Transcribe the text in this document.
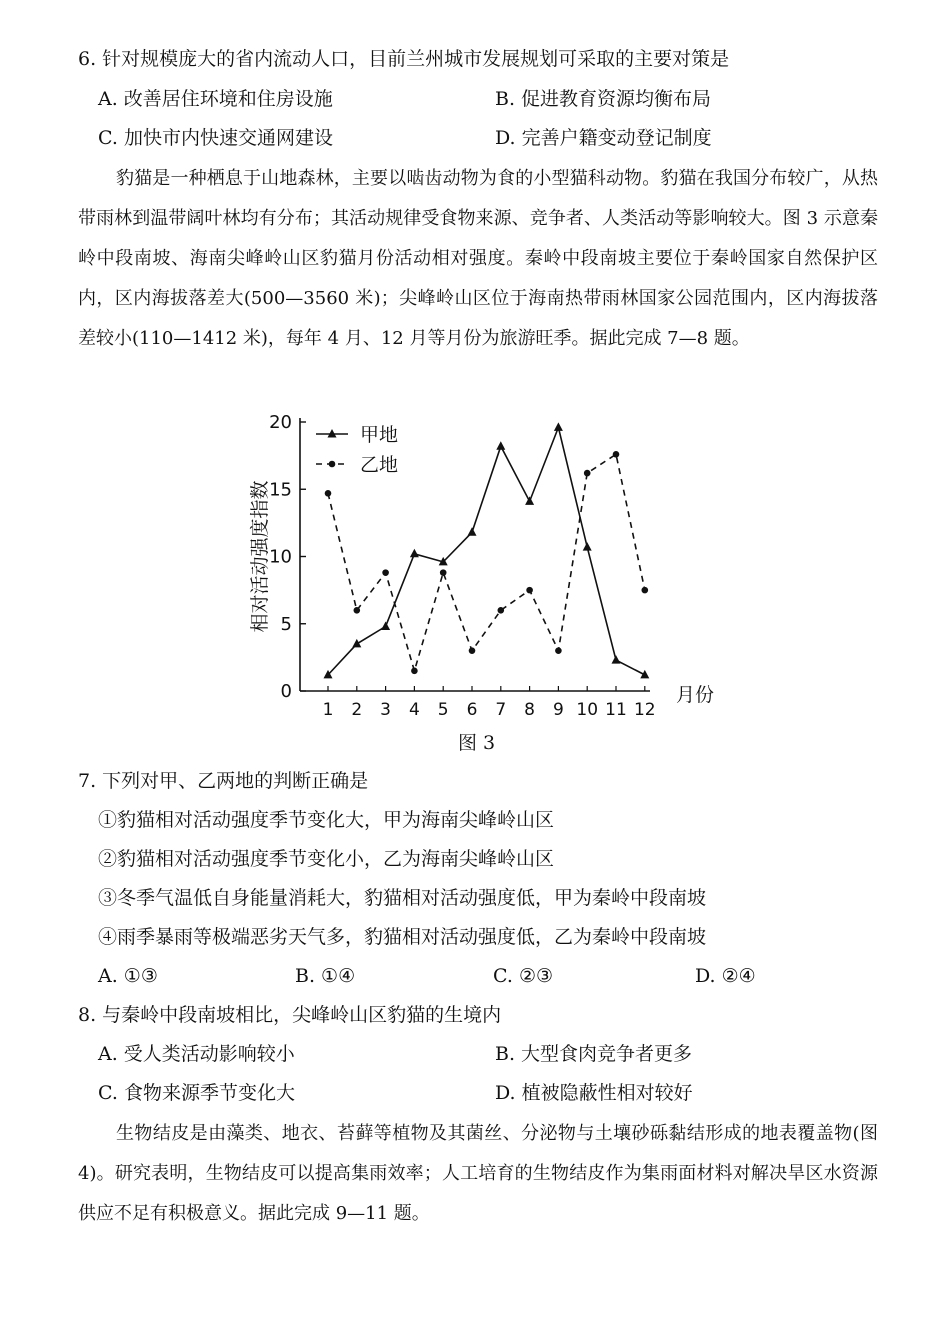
6. 针对规模庞大的省内流动人口，目前兰州城市发展规划可采取的主要对策是
A. 改善居住环境和住房设施	B. 促进教育资源均衡布局
C. 加快市内快速交通网建设	D. 完善户籍变动登记制度

豹猫是一种栖息于山地森林，主要以啮齿动物为食的小型猫科动物。豹猫在我国分布较广，从热带雨林到温带阔叶林均有分布；其活动规律受食物来源、竞争者、人类活动等影响较大。图 3 示意秦岭中段南坡、海南尖峰岭山区豹猫月份活动相对强度。秦岭中段南坡主要位于秦岭国家自然保护区内，区内海拔落差大(500—3560 米)；尖峰岭山区位于海南热带雨林国家公园范围内，区内海拔落差较小(110—1412 米)，每年 4 月、12 月等月份为旅游旺季。据此完成 7—8 题。

0
5
10
15
20
1 2 3 4 5 6 7 8 9 10 11 12
月份
相对活动强度指数
甲地
乙地
图 3
7. 下列对甲、乙两地的判断正确是
①豹猫相对活动强度季节变化大，甲为海南尖峰岭山区
②豹猫相对活动强度季节变化小，乙为海南尖峰岭山区
③冬季气温低自身能量消耗大，豹猫相对活动强度低，甲为秦岭中段南坡
④雨季暴雨等极端恶劣天气多，豹猫相对活动强度低，乙为秦岭中段南坡
A. ①③	B. ①④	C. ②③	D. ②④
8. 与秦岭中段南坡相比，尖峰岭山区豹猫的生境内
A. 受人类活动影响较小	B. 大型食肉竞争者更多
C. 食物来源季节变化大	D. 植被隐蔽性相对较好

生物结皮是由藻类、地衣、苔藓等植物及其菌丝、分泌物与土壤砂砾黏结形成的地表覆盖物(图 4)。研究表明，生物结皮可以提高集雨效率；人工培育的生物结皮作为集雨面材料对解决旱区水资源供应不足有积极意义。据此完成 9—11 题。
